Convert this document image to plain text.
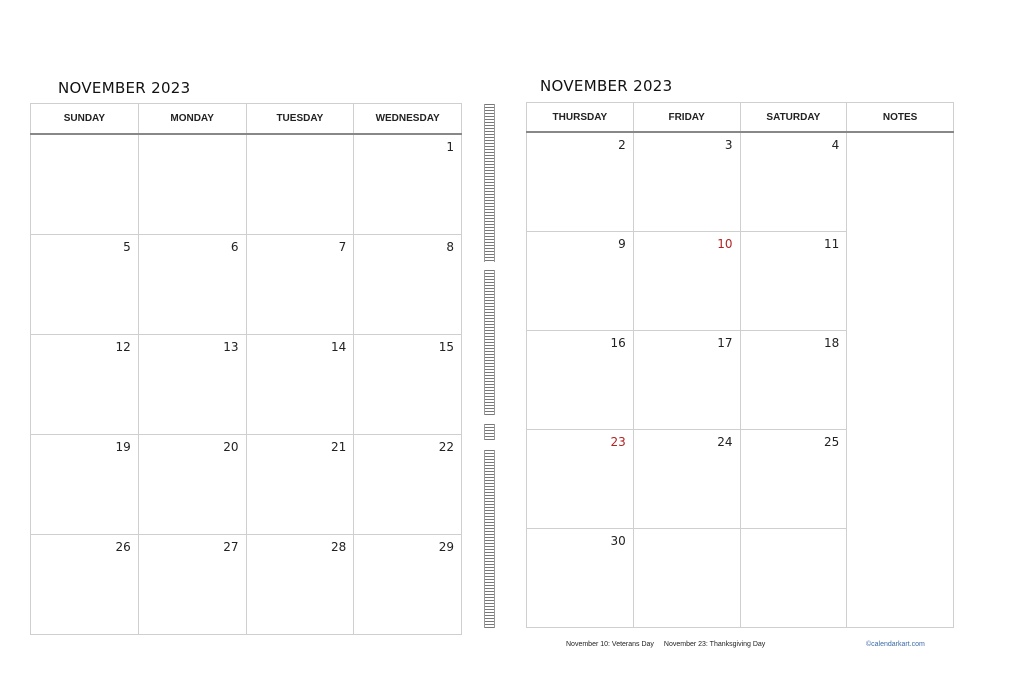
NOVEMBER 2023
SUNDAY	MONDAY	TUESDAY	WEDNESDAY

			1

5	6	7	8

12	13	14	15

19	20	21	22

26	27	28	29
NOVEMBER 2023
THURSDAY	FRIDAY	SATURDAY	NOTES

2	3	4	

9	10	11	

16	17	18	

23	24	25	

30			

November 10: Veterans Day November 23: Thanksgiving Day	©calendarkart.com
